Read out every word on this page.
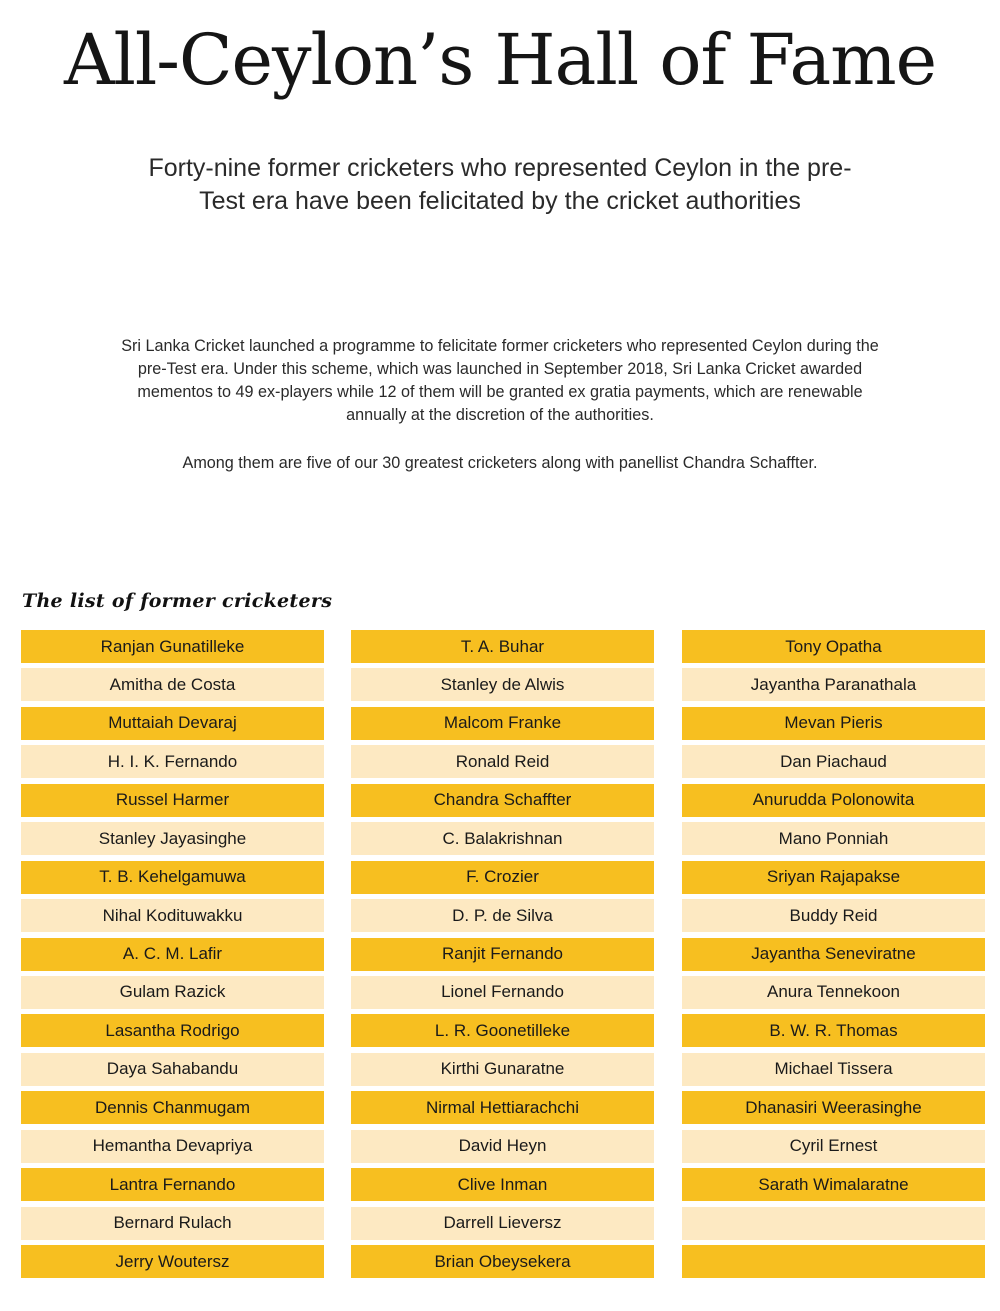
All-Ceylon’s Hall of Fame

Forty-nine former cricketers who represented Ceylon in the pre-Test era have been felicitated by the cricket authorities

Sri Lanka Cricket launched a programme to felicitate former cricketers who represented Ceylon during the pre-Test era. Under this scheme, which was launched in September 2018, Sri Lanka Cricket awarded mementos to 49 ex-players while 12 of them will be granted ex gratia payments, which are renewable annually at the discretion of the authorities.

Among them are five of our 30 greatest cricketers along with panellist Chandra Schaffter.

The list of former cricketers
Ranjan Gunatilleke
Amitha de Costa
Muttaiah Devaraj
H. I. K. Fernando
Russel Harmer
Stanley Jayasinghe
T. B. Kehelgamuwa
Nihal Kodituwakku
A. C. M. Lafir
Gulam Razick
Lasantha Rodrigo
Daya Sahabandu
Dennis Chanmugam
Hemantha Devapriya
Lantra Fernando
Bernard Rulach
Jerry Woutersz
T. A. Buhar
Stanley de Alwis
Malcom Franke
Ronald Reid
Chandra Schaffter
C. Balakrishnan
F. Crozier
D. P. de Silva
Ranjit Fernando
Lionel Fernando
L. R. Goonetilleke
Kirthi Gunaratne
Nirmal Hettiarachchi
David Heyn
Clive Inman
Darrell Lieversz
Brian Obeysekera
Tony Opatha
Jayantha Paranathala
Mevan Pieris
Dan Piachaud
Anurudda Polonowita
Mano Ponniah
Sriyan Rajapakse
Buddy Reid
Jayantha Seneviratne
Anura Tennekoon
B. W. R. Thomas
Michael Tissera
Dhanasiri Weerasinghe
Cyril Ernest
Sarath Wimalaratne
